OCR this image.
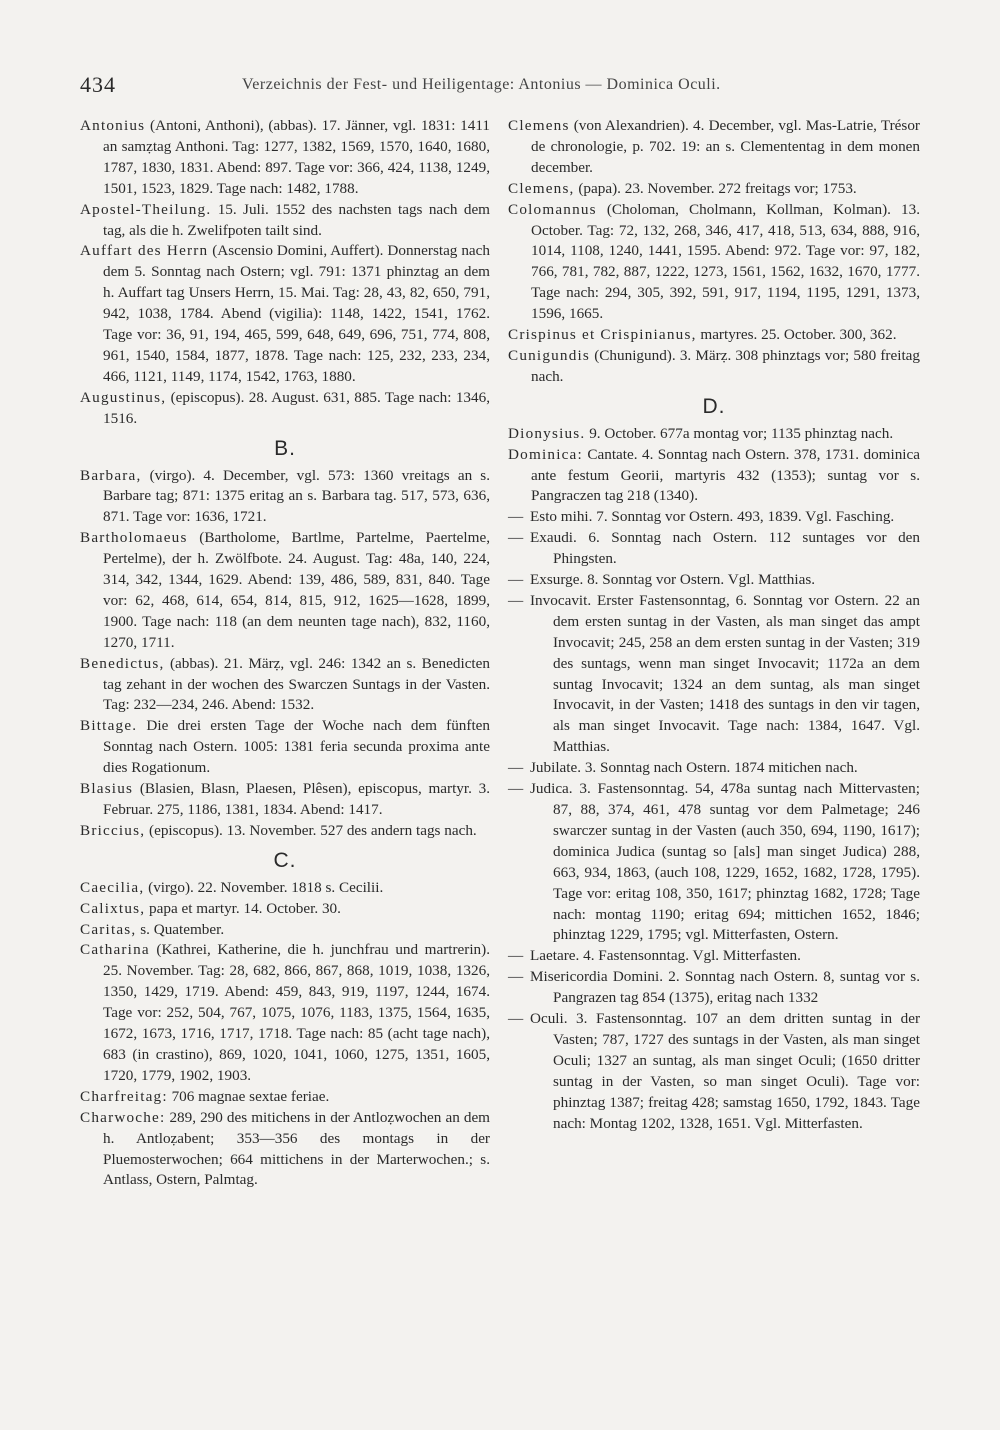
434	Verzeichnis der Fest- und Heiligentage: Antonius — Dominica Oculi.

Antonius (Antoni, Anthoni), (abbas). 17. Jänner, vgl. 1831: 1411 an samẓtag Anthoni. Tag: 1277, 1382, 1569, 1570, 1640, 1680, 1787, 1830, 1831. Abend: 897. Tage vor: 366, 424, 1138, 1249, 1501, 1523, 1829. Tage nach: 1482, 1788.

Apostel-Theilung. 15. Juli. 1552 des nachsten tags nach dem tag, als die h. Zwelifpoten tailt sind.

Auffart des Herrn (Ascensio Domini, Auffert). Donnerstag nach dem 5. Sonntag nach Ostern; vgl. 791: 1371 phinztag an dem h. Auffart tag Unsers Herrn, 15. Mai. Tag: 28, 43, 82, 650, 791, 942, 1038, 1784. Abend (vigilia): 1148, 1422, 1541, 1762. Tage vor: 36, 91, 194, 465, 599, 648, 649, 696, 751, 774, 808, 961, 1540, 1584, 1877, 1878. Tage nach: 125, 232, 233, 234, 466, 1121, 1149, 1174, 1542, 1763, 1880.

Augustinus, (episcopus). 28. August. 631, 885. Tage nach: 1346, 1516.

B.

Barbara, (virgo). 4. December, vgl. 573: 1360 vreitags an s. Barbare tag; 871: 1375 eritag an s. Barbara tag. 517, 573, 636, 871. Tage vor: 1636, 1721.

Bartholomaeus (Bartholome, Bartlme, Partelme, Paertelme, Pertelme), der h. Zwölfbote. 24. August. Tag: 48a, 140, 224, 314, 342, 1344, 1629. Abend: 139, 486, 589, 831, 840. Tage vor: 62, 468, 614, 654, 814, 815, 912, 1625—1628, 1899, 1900. Tage nach: 118 (an dem neunten tage nach), 832, 1160, 1270, 1711.

Benedictus, (abbas). 21. Märẓ, vgl. 246: 1342 an s. Benedicten tag zehant in der wochen des Swarczen Suntags in der Vasten. Tag: 232—234, 246. Abend: 1532.

Bittage. Die drei ersten Tage der Woche nach dem fünften Sonntag nach Ostern. 1005: 1381 feria secunda proxima ante dies Rogationum.

Blasius (Blasien, Blasn, Plaesen, Plêsen), episcopus, martyr. 3. Februar. 275, 1186, 1381, 1834. Abend: 1417.

Briccius, (episcopus). 13. November. 527 des andern tags nach.

C.

Caecilia, (virgo). 22. November. 1818 s. Cecilii.

Calixtus, papa et martyr. 14. October. 30.

Caritas, s. Quatember.

Catharina (Kathrei, Katherine, die h. junchfrau und martrerin). 25. November. Tag: 28, 682, 866, 867, 868, 1019, 1038, 1326, 1350, 1429, 1719. Abend: 459, 843, 919, 1197, 1244, 1674. Tage vor: 252, 504, 767, 1075, 1076, 1183, 1375, 1564, 1635, 1672, 1673, 1716, 1717, 1718. Tage nach: 85 (acht tage nach), 683 (in crastino), 869, 1020, 1041, 1060, 1275, 1351, 1605, 1720, 1779, 1902, 1903.

Charfreitag: 706 magnae sextae feriae.

Charwoche: 289, 290 des mitichens in der Antloẓwochen an dem h. Antloẓabent; 353—356 des montags in der Pluemosterwochen; 664 mittichens in der Marterwochen.; s. Antlass, Ostern, Palmtag.

Clemens (von Alexandrien). 4. December, vgl. Mas-Latrie, Trésor de chronologie, p. 702. 19: an s. Clemententag in dem monen december.

Clemens, (papa). 23. November. 272 freitags vor; 1753.

Colomannus (Choloman, Cholmann, Kollman, Kolman). 13. October. Tag: 72, 132, 268, 346, 417, 418, 513, 634, 888, 916, 1014, 1108, 1240, 1441, 1595. Abend: 972. Tage vor: 97, 182, 766, 781, 782, 887, 1222, 1273, 1561, 1562, 1632, 1670, 1777. Tage nach: 294, 305, 392, 591, 917, 1194, 1195, 1291, 1373, 1596, 1665.

Crispinus et Crispinianus, martyres. 25. October. 300, 362.

Cunigundis (Chunigund). 3. Märẓ. 308 phinztags vor; 580 freitag nach.

D.

Dionysius. 9. October. 677a montag vor; 1135 phinztag nach.

Dominica: Cantate. 4. Sonntag nach Ostern. 378, 1731. dominica ante festum Georii, martyris 432 (1353); suntag vor s. Pangraczen tag 218 (1340).

— Esto mihi. 7. Sonntag vor Ostern. 493, 1839. Vgl. Fasching.

— Exaudi. 6. Sonntag nach Ostern. 112 suntages vor den Phingsten.

— Exsurge. 8. Sonntag vor Ostern. Vgl. Matthias.

— Invocavit. Erster Fastensonntag, 6. Sonntag vor Ostern. 22 an dem ersten suntag in der Vasten, als man singet das ampt Invocavit; 245, 258 an dem ersten suntag in der Vasten; 319 des suntags, wenn man singet Invocavit; 1172a an dem suntag Invocavit; 1324 an dem suntag, als man singet Invocavit, in der Vasten; 1418 des suntags in den vir tagen, als man singet Invocavit. Tage nach: 1384, 1647. Vgl. Matthias.

— Jubilate. 3. Sonntag nach Ostern. 1874 mitichen nach.

— Judica. 3. Fastensonntag. 54, 478a suntag nach Mittervasten; 87, 88, 374, 461, 478 suntag vor dem Palmetage; 246 swarczer suntag in der Vasten (auch 350, 694, 1190, 1617); dominica Judica (suntag so [als] man singet Judica) 288, 663, 934, 1863, (auch 108, 1229, 1652, 1682, 1728, 1795). Tage vor: eritag 108, 350, 1617; phinztag 1682, 1728; Tage nach: montag 1190; eritag 694; mittichen 1652, 1846; phinztag 1229, 1795; vgl. Mitterfasten, Ostern.

— Laetare. 4. Fastensonntag. Vgl. Mitterfasten.

— Misericordia Domini. 2. Sonntag nach Ostern. 8, suntag vor s. Pangrazen tag 854 (1375), eritag nach 1332

— Oculi. 3. Fastensonntag. 107 an dem dritten suntag in der Vasten; 787, 1727 des suntags in der Vasten, als man singet Oculi; 1327 an suntag, als man singet Oculi; (1650 dritter suntag in der Vasten, so man singet Oculi). Tage vor: phinztag 1387; freitag 428; samstag 1650, 1792, 1843. Tage nach: Montag 1202, 1328, 1651. Vgl. Mitterfasten.
